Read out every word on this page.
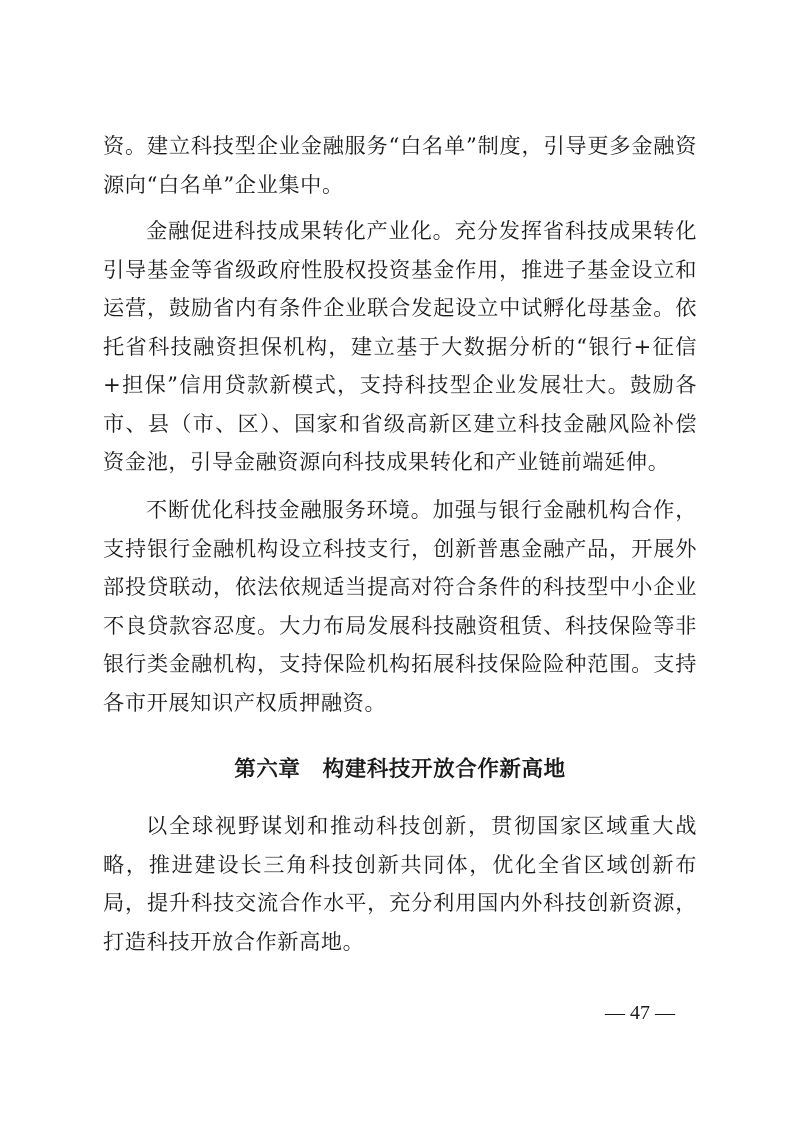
资。建立科技型企业金融服务“白名单”制度，引导更多金融资源向“白名单”企业集中。

金融促进科技成果转化产业化。充分发挥省科技成果转化引导基金等省级政府性股权投资基金作用，推进子基金设立和运营，鼓励省内有条件企业联合发起设立中试孵化母基金。依托省科技融资担保机构，建立基于大数据分析的“银行+征信+担保”信用贷款新模式，支持科技型企业发展壮大。鼓励各市、县（市、区）、国家和省级高新区建立科技金融风险补偿资金池，引导金融资源向科技成果转化和产业链前端延伸。

不断优化科技金融服务环境。加强与银行金融机构合作，支持银行金融机构设立科技支行，创新普惠金融产品，开展外部投贷联动，依法依规适当提高对符合条件的科技型中小企业不良贷款容忍度。大力布局发展科技融资租赁、科技保险等非银行类金融机构，支持保险机构拓展科技保险险种范围。支持各市开展知识产权质押融资。

第六章　构建科技开放合作新高地

以全球视野谋划和推动科技创新，贯彻国家区域重大战略，推进建设长三角科技创新共同体，优化全省区域创新布局，提升科技交流合作水平，充分利用国内外科技创新资源，打造科技开放合作新高地。

— 47 —
